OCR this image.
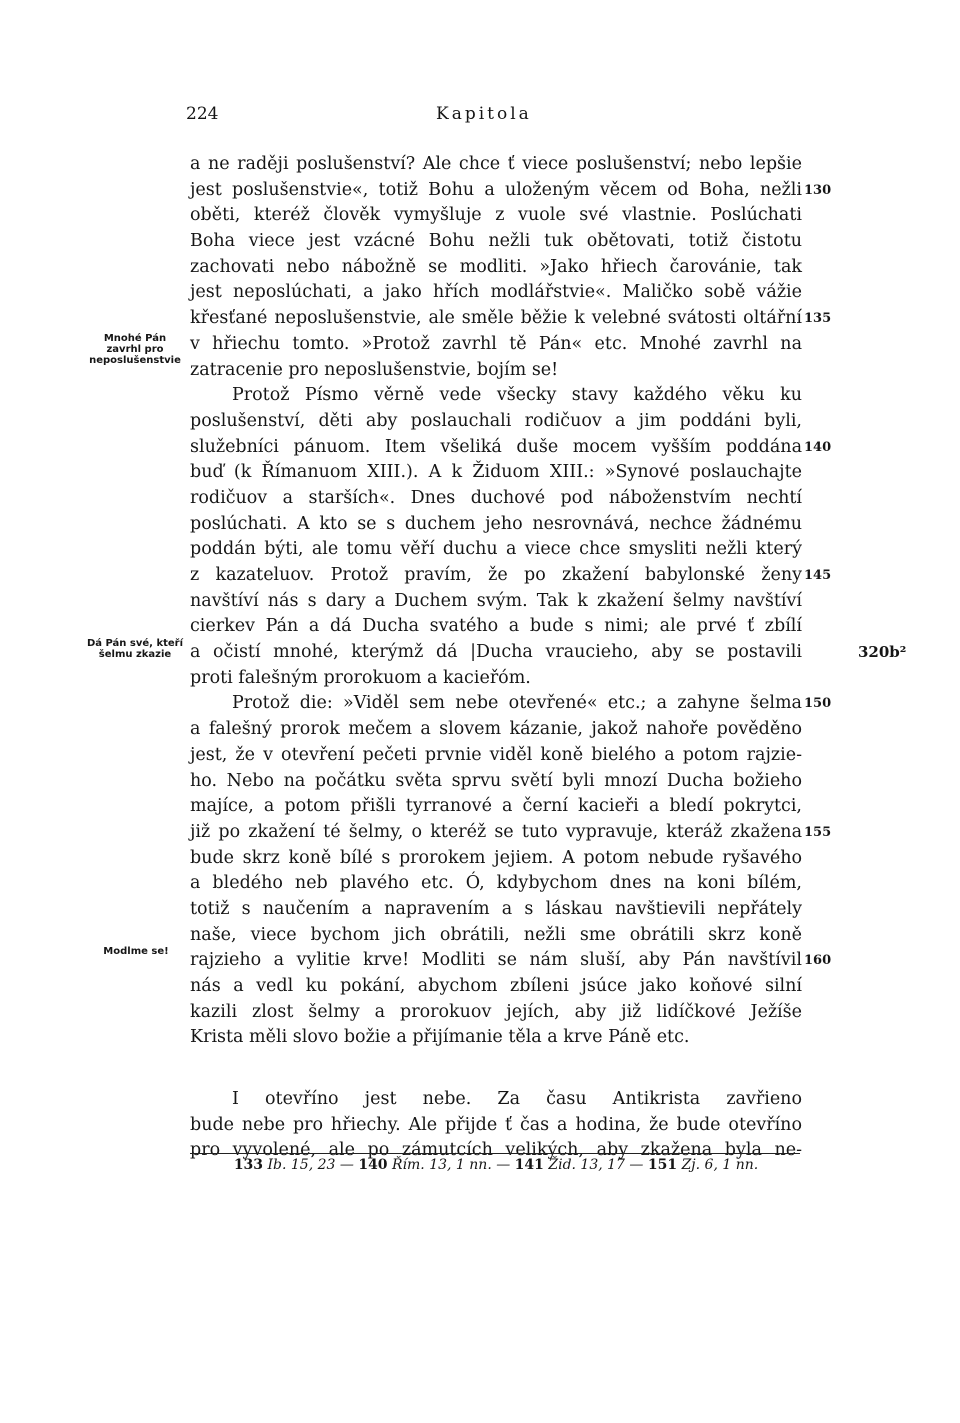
224	Kapitola
Mnohé Pán zavrhl pro neposlušenstvie
Dá Pán své, kteří šelmu zkazie
Modlme se!
a ne raději poslušenství? Ale chce ť viece poslušenství; nebo lepšie
jest poslušenstvie«, totiž Bohu a uloženým věcem od Boha, nežli 130
oběti, kteréž člověk vymyšluje z vuole své vlastnie. Poslúchati
Boha viece jest vzácné Bohu nežli tuk obětovati, totiž čistotu
zachovati nebo nábožně se modliti. »Jako hřiech čarovánie, tak
jest neposlúchati, a jako hřích modlářstvie«. Maličko sobě vážie
křesťané neposlušenstvie, ale směle běžie k velebné svátosti oltářní 135
v hřiechu tomto. »Protož zavrhl tě Pán« etc. Mnohé zavrhl na
zatracenie pro neposlušenstvie, bojím se!
Protož Písmo věrně vede všecky stavy každého věku ku
poslušenství, děti aby poslauchali rodičuov a jim poddáni byli,
služebníci pánuom. Item všeliká duše mocem vyšším poddána 140
buď (k Římanuom XIII.). A k Židuom XIII.: »Synové poslauchajte
rodičuov a starších«. Dnes duchové pod náboženstvím nechtí
poslúchati. A kto se s duchem jeho nesrovnává, nechce žádnému
poddán býti, ale tomu věří duchu a viece chce smysliti nežli který
z kazateluov. Protož pravím, že po zkažení babylonské ženy 145
navštíví nás s dary a Duchem svým. Tak k zkažení šelmy navštíví
cierkev Pán a dá Ducha svatého a bude s nimi; ale prvé ť zbílí
a očistí mnohé, kterýmž dá |Ducha vraucieho, aby se postavili	320b²
proti falešným prorokuom a kacieřóm.
Protož die: »Viděl sem nebe otevřené« etc.; a zahyne šelma 150
a falešný prorok mečem a slovem kázanie, jakož nahoře pověděno
jest, že v otevření pečeti prvnie viděl koně bielého a potom rajzie-
ho. Nebo na počátku světa sprvu světí byli mnozí Ducha božieho
majíce, a potom přišli tyrranové a černí kacieři a bledí pokrytci,
již po zkažení té šelmy, o kteréž se tuto vypravuje, kteráž zkažena 155
bude skrz koně bílé s prorokem jejiem. A potom nebude ryšavého
a bledého neb plavého etc. Ó, kdybychom dnes na koni bílém,
totiž s naučením a napravením a s láskau navštievili nepřátely
naše, viece bychom jich obrátili, nežli sme obrátili skrz koně
rajzieho a vylitie krve! Modliti se nám sluší, aby Pán navštívil 160
nás a vedl ku pokání, abychom zbíleni jsúce jako koňové silní
kazili zlost šelmy a prorokuov jejích, aby již lidíčkové Ježíše
Krista měli slovo božie a přijímanie těla a krve Páně etc.
I otevříno jest nebe. Za času Antikrista zavřieno
bude nebe pro hřiechy. Ale přijde ť čas a hodina, že bude otevříno
pro vyvolené, ale po zámutcích velikých, aby zkažena byla ne-
133 Ib. 15, 23 — 140 Řím. 13, 1 nn. — 141 Žid. 13, 17 — 151 Zj. 6, 1 nn.
